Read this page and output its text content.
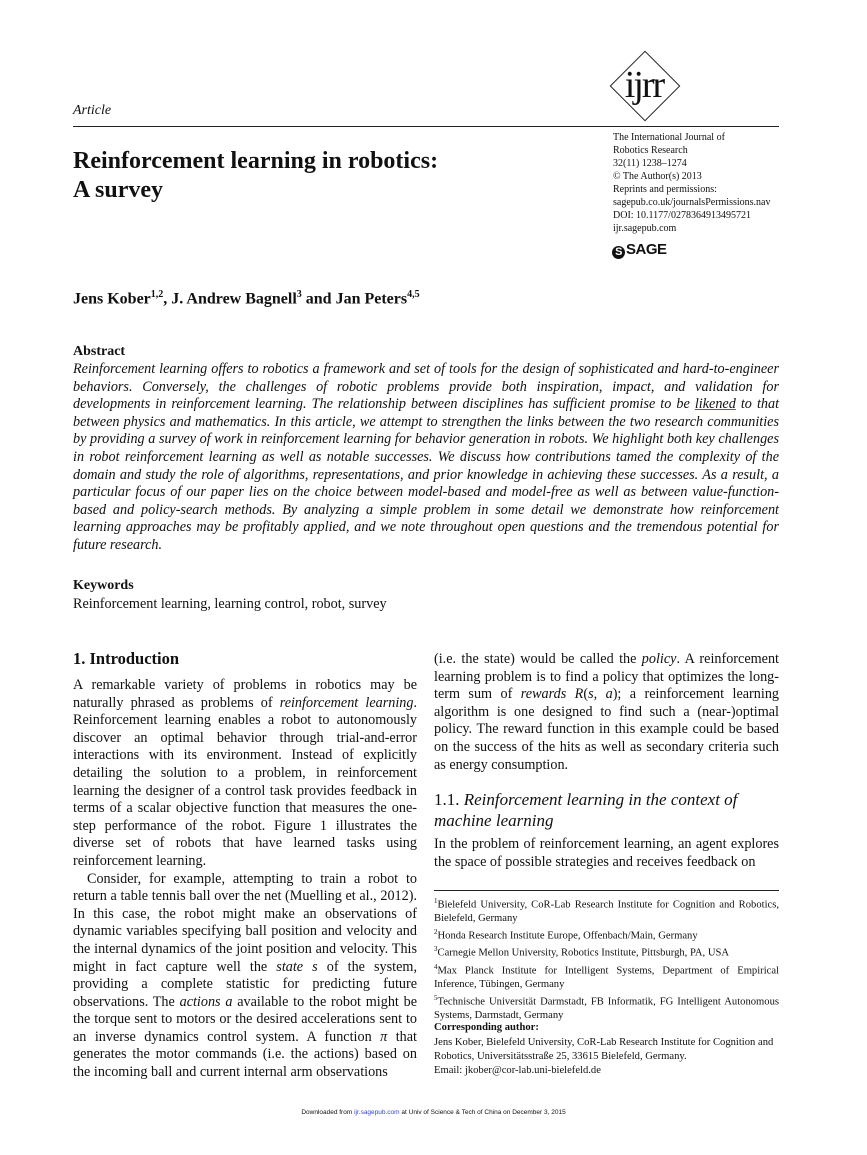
Article
ijrr
The International Journal of
Robotics Research
32(11) 1238–1274
© The Author(s) 2013
Reprints and permissions:
sagepub.co.uk/journalsPermissions.nav
DOI: 10.1177/0278364913495721
ijr.sagepub.com
S SAGE
Reinforcement learning in robotics:
A survey
Jens Kober$^{1,2}$, J. Andrew Bagnell$^3$ and Jan Peters$^{4,5}$
Abstract
Reinforcement learning offers to robotics a framework and set of tools for the design of sophisticated and hard-to-engineer behaviors. Conversely, the challenges of robotic problems provide both inspiration, impact, and validation for developments in reinforcement learning. The relationship between disciplines has sufficient promise to be likened to that between physics and mathematics. In this article, we attempt to strengthen the links between the two research communities by providing a survey of work in reinforcement learning for behavior generation in robots. We highlight both key challenges in robot reinforcement learning as well as notable successes. We discuss how contributions tamed the complexity of the domain and study the role of algorithms, representations, and prior knowledge in achieving these successes. As a result, a particular focus of our paper lies on the choice between model-based and model-free as well as between value-function-based and policy-search methods. By analyzing a simple problem in some detail we demonstrate how reinforcement learning approaches may be profitably applied, and we note throughout open questions and the tremendous potential for future research.
Keywords
Reinforcement learning, learning control, robot, survey
1. Introduction

A remarkable variety of problems in robotics may be naturally phrased as problems of reinforcement learning. Reinforcement learning enables a robot to autonomously discover an optimal behavior through trial-and-error interactions with its environment. Instead of explicitly detailing the solution to a problem, in reinforcement learning the designer of a control task provides feedback in terms of a scalar objective function that measures the one-step performance of the robot. Figure 1 illustrates the diverse set of robots that have learned tasks using reinforcement learning.

Consider, for example, attempting to train a robot to return a table tennis ball over the net (Muelling et al., 2012). In this case, the robot might make an observations of dynamic variables specifying ball position and velocity and the internal dynamics of the joint position and velocity. This might in fact capture well the state s of the system, providing a complete statistic for predicting future observations. The actions a available to the robot might be the torque sent to motors or the desired accelerations sent to an inverse dynamics control system. A function π that generates the motor commands (i.e. the actions) based on the incoming ball and current internal arm observations

(i.e. the state) would be called the policy. A reinforcement learning problem is to find a policy that optimizes the long-term sum of rewards R(s, a); a reinforcement learning algorithm is one designed to find such a (near-)optimal policy. The reward function in this example could be based on the success of the hits as well as secondary criteria such as energy consumption.

1.1. Reinforcement learning in the context of machine learning

In the problem of reinforcement learning, an agent explores the space of possible strategies and receives feedback on

$^1$Bielefeld University, CoR-Lab Research Institute for Cognition and Robotics, Bielefeld, Germany

$^2$Honda Research Institute Europe, Offenbach/Main, Germany

$^3$Carnegie Mellon University, Robotics Institute, Pittsburgh, PA, USA

$^4$Max Planck Institute for Intelligent Systems, Department of Empirical Inference, Tübingen, Germany

$^5$Technische Universität Darmstadt, FB Informatik, FG Intelligent Autonomous Systems, Darmstadt, Germany

Corresponding author:
Jens Kober, Bielefeld University, CoR-Lab Research Institute for Cognition and Robotics, Universitätsstraße 25, 33615 Bielefeld, Germany.
Email: jkober@cor-lab.uni-bielefeld.de
Downloaded from ijr.sagepub.com at Univ of Science & Tech of China on December 3, 2015
